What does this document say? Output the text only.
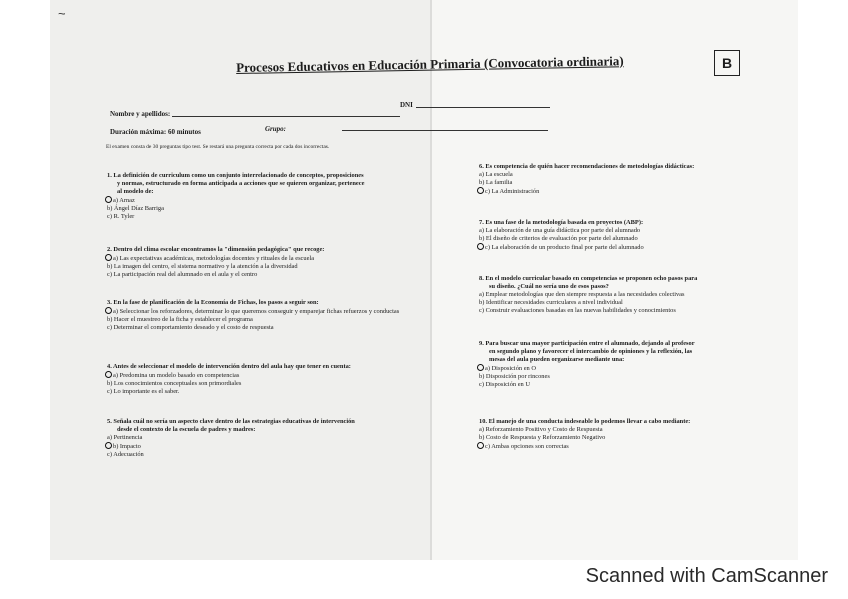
~
B
Procesos Educativos en Educación Primaria (Convocatoria ordinaria)
Nombre y apellidos:
DNI
Duración máxima: 60 minutos	Grupo:
El examen consta de 30 preguntas tipo test. Se restará una pregunta correcta por cada dos incorrectas.
1. La definición de curriculum como un conjunto interrelacionado de conceptos, proposiciones
y normas, estructurado en forma anticipada a acciones que se quieren organizar, pertenece
al modelo de:
a) Arnaz
b) Ángel Díaz Barriga
c) R. Tyler
2. Dentro del clima escolar encontramos la "dimensión pedagógica" que recoge:
a) Las expectativas académicas, metodologías docentes y rituales de la escuela
b) La imagen del centro, el sistema normativo y la atención a la diversidad
c) La participación real del alumnado en el aula y el centro
3. En la fase de planificación de la Economía de Fichas, los pasos a seguir son:
a) Seleccionar los reforzadores, determinar lo que queremos conseguir y emparejar fichas refuerzos y conductas
b) Hacer el muestreo de la ficha y establecer el programa
c) Determinar el comportamiento deseado y el costo de respuesta
4. Antes de seleccionar el modelo de intervención dentro del aula hay que tener en cuenta:
a) Predomina un modelo basado en competencias
b) Los conocimientos conceptuales son primordiales
c) Lo importante es el saber.
5. Señala cuál no sería un aspecto clave dentro de las estrategias educativas de intervención
desde el contexto de la escuela de padres y madres:
a) Pertinencia
b) Impacto
c) Adecuación
6. Es competencia de quién hacer recomendaciones de metodologías didácticas:
a) La escuela
b) La familia
c) La Administración
7. Es una fase de la metodología basada en proyectos (ABP):
a) La elaboración de una guía didáctica por parte del alumnado
b) El diseño de criterios de evaluación por parte del alumnado
c) La elaboración de un producto final por parte del alumnado
8. En el modelo curricular basado en competencias se proponen ocho pasos para
su diseño. ¿Cuál no sería uno de esos pasos?
a) Emplear metodologías que den siempre respuesta a las necesidades colectivas
b) Identificar necesidades curriculares a nivel individual
c) Construir evaluaciones basadas en las nuevas habilidades y conocimientos
9. Para buscar una mayor participación entre el alumnado, dejando al profesor
en segundo plano y favorecer el intercambio de opiniones y la reflexión, las
mesas del aula pueden organizarse mediante una:
a) Disposición en O
b) Disposición por rincones
c) Disposición en U
10. El manejo de una conducta indeseable lo podemos llevar a cabo mediante:
a) Reforzamiento Positivo y Costo de Respuesta
b) Costo de Respuesta y Reforzamiento Negativo
c) Ambas opciones son correctas
Scanned with CamScanner
